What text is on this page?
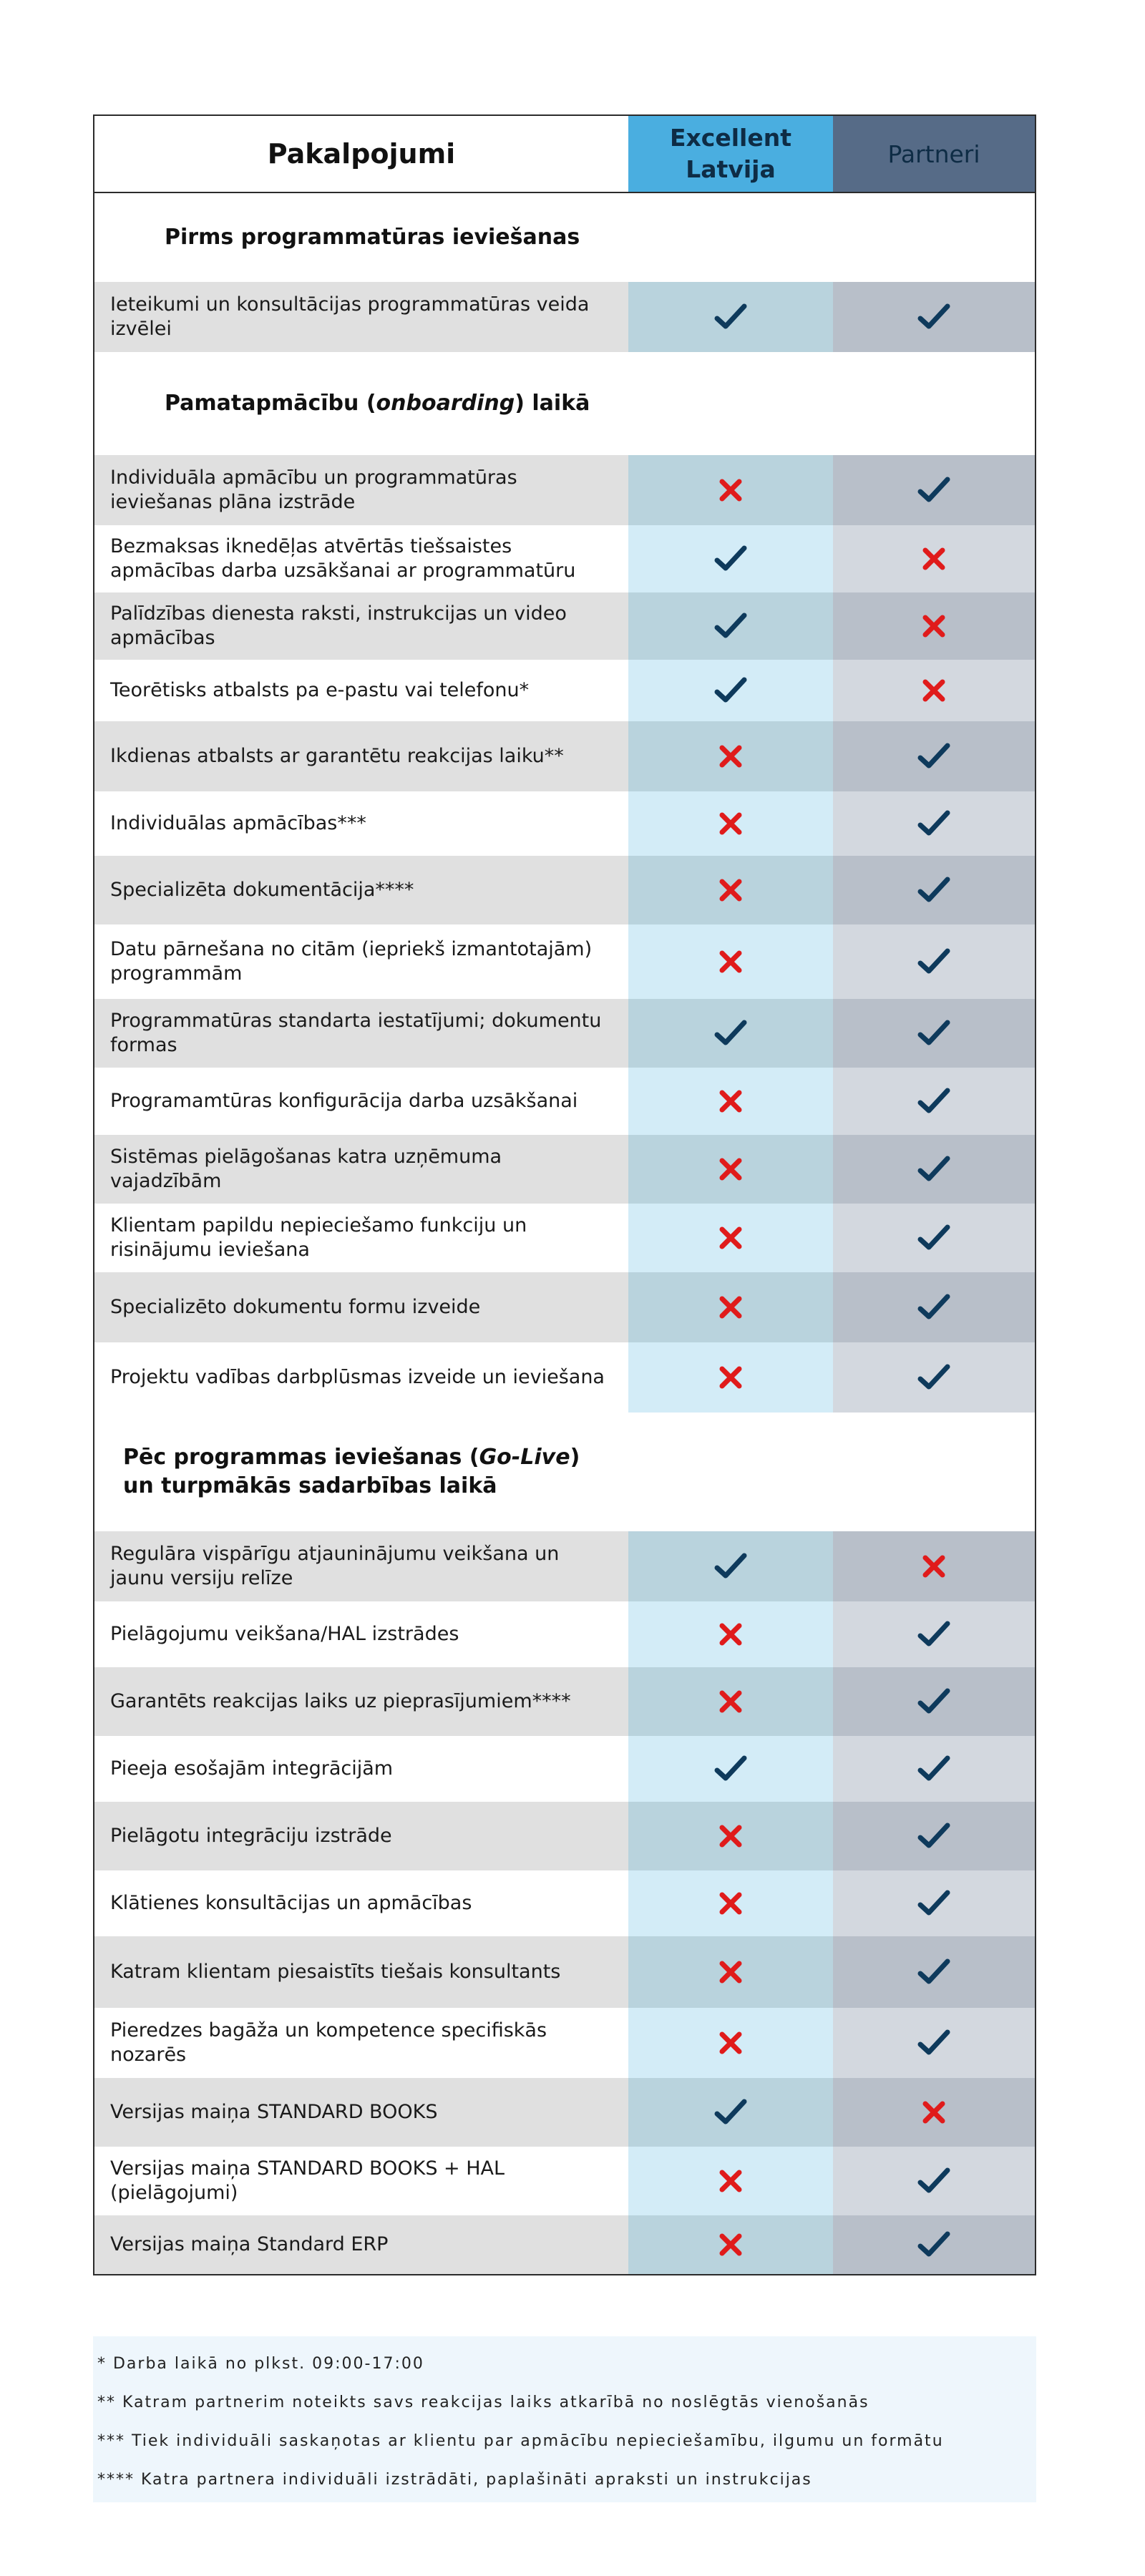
Pakalpojumi
Excellent Latvija
Partneri
Pirms programmatūras ieviešanas
Ieteikumi un konsultācijas programmatūras veida izvēlei
Pamatapmācību (onboarding) laikā
Individuāla apmācību un programmatūras ieviešanas plāna izstrāde
Bezmaksas iknedēļas atvērtās tiešsaistes apmācības darba uzsākšanai ar programmatūru
Palīdzības dienesta raksti, instrukcijas un video apmācības
Teorētisks atbalsts pa e-pastu vai telefonu*
Ikdienas atbalsts ar garantētu reakcijas laiku**
Individuālas apmācības***
Specializēta dokumentācija****
Datu pārnešana no citām (iepriekš izmantotajām) programmām
Programmatūras standarta iestatījumi; dokumentu formas
Programamtūras konfigurācija darba uzsākšanai
Sistēmas pielāgošanas katra uzņēmuma vajadzībām
Klientam papildu nepieciešamo funkciju un risinājumu ieviešana
Specializēto dokumentu formu izveide
Projektu vadības darbplūsmas izveide un ieviešana
Pēc programmas ieviešanas (Go-Live) un turpmākās sadarbības laikā
Regulāra vispārīgu atjauninājumu veikšana un jaunu versiju relīze
Pielāgojumu veikšana/HAL izstrādes
Garantēts reakcijas laiks uz pieprasījumiem****
Pieeja esošajām integrācijām
Pielāgotu integrāciju izstrāde
Klātienes konsultācijas un apmācības
Katram klientam piesaistīts tiešais konsultants
Pieredzes bagāža un kompetence specifiskās nozarēs
Versijas maiņa STANDARD BOOKS
Versijas maiņa STANDARD BOOKS + HAL (pielāgojumi)
Versijas maiņa Standard ERP
* Darba laikā no plkst. 09:00-17:00
** Katram partnerim noteikts savs reakcijas laiks atkarībā no noslēgtās vienošanās
*** Tiek individuāli saskaņotas ar klientu par apmācību nepieciešamību, ilgumu un formātu
**** Katra partnera individuāli izstrādāti, paplašināti apraksti un instrukcijas
